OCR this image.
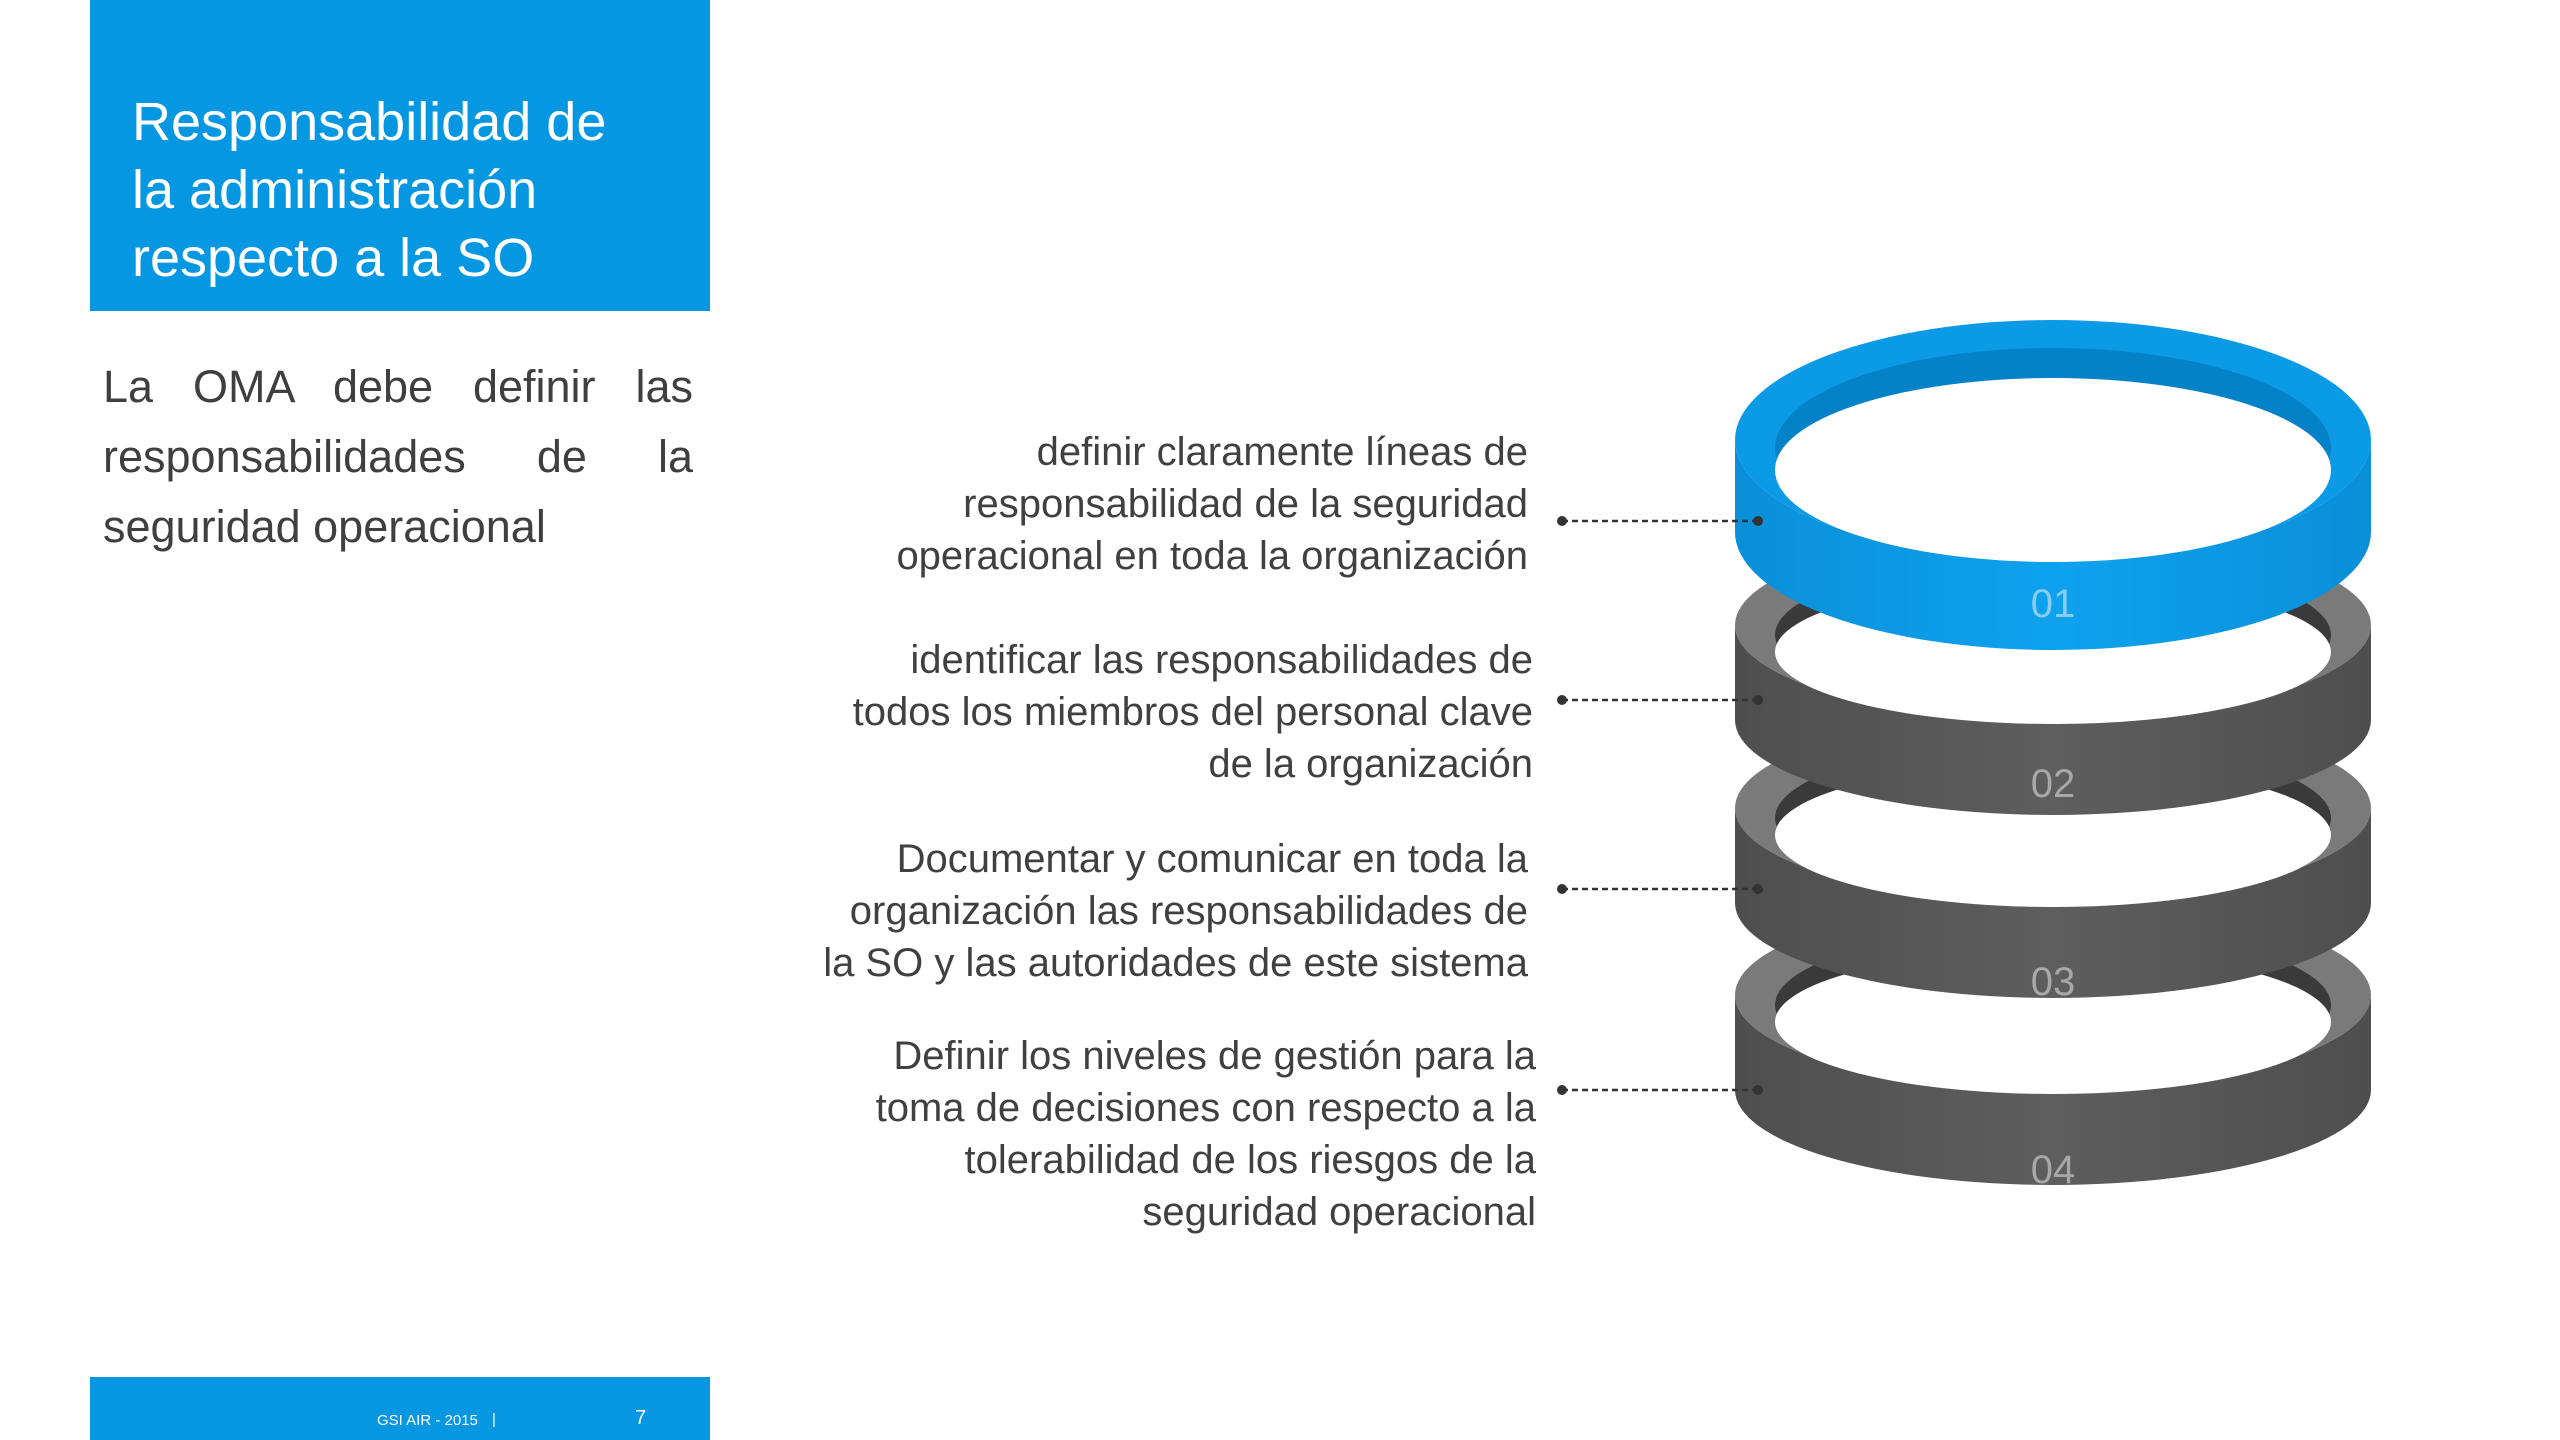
Responsabilidad de
la administración
respecto a la SO

La OMA debe definir las responsabilidades de la seguridad operacional

definir claramente líneas de
responsabilidad de la seguridad
operacional en toda la organización

identificar las responsabilidades de
todos los miembros del personal clave
de la organización

Documentar y comunicar en toda la
organización las responsabilidades de
la SO y las autoridades de este sistema

Definir los niveles de gestión para la
toma de decisiones con respecto a la
tolerabilidad de los riesgos de la
seguridad operacional

01
02
03
04
GSI AIR - 2015 |	7
